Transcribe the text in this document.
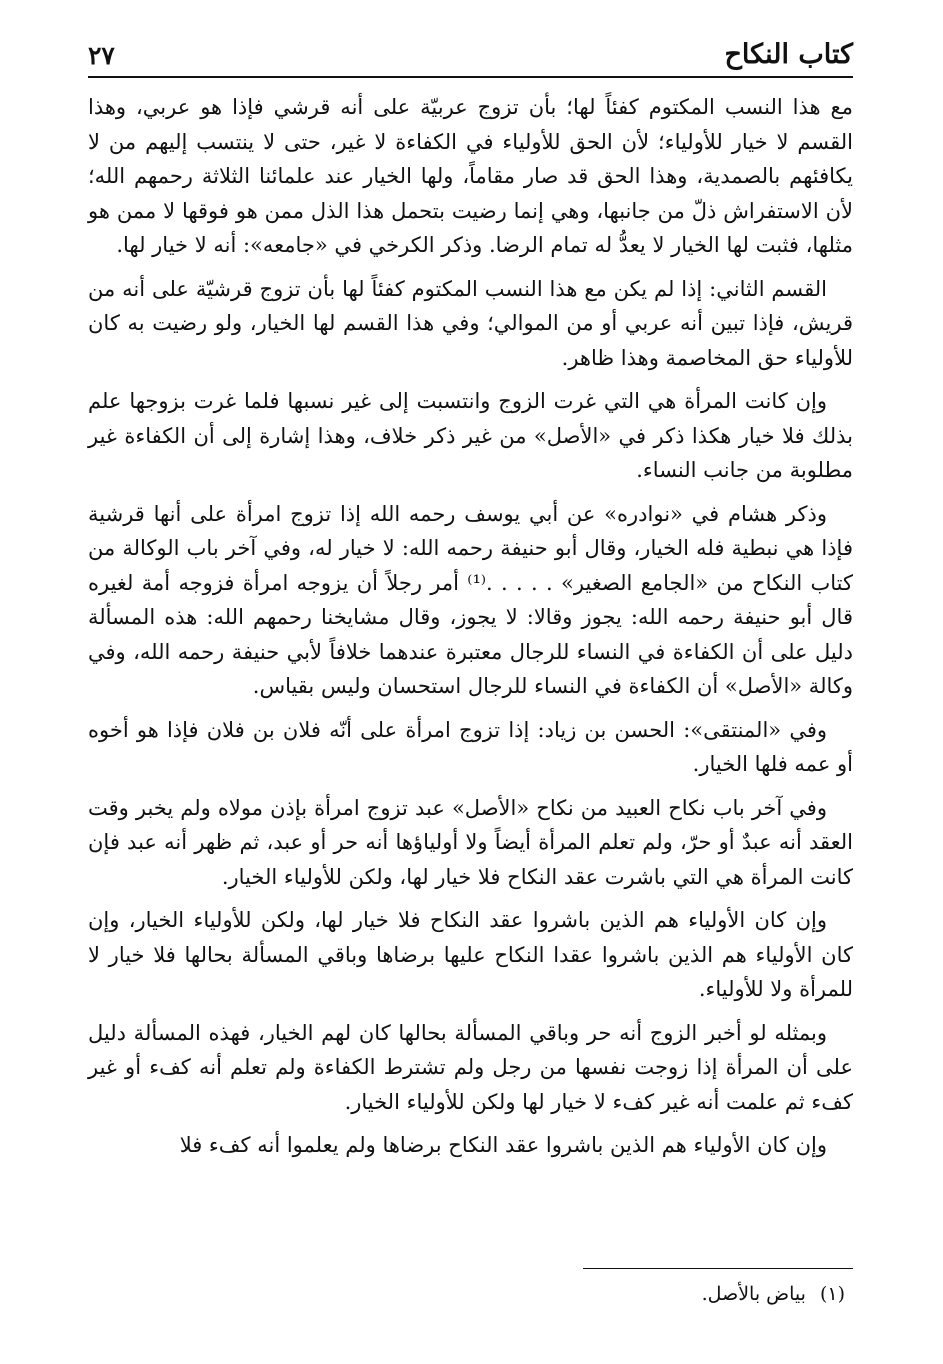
كتاب النكاح
٢٧

مع هذا النسب المكتوم كفئاً لها؛ بأن تزوج عربيّة على أنه قرشي فإذا هو عربي، وهذا القسم لا خيار للأولياء؛ لأن الحق للأولياء في الكفاءة لا غير، حتى لا ينتسب إليهم من لا يكافئهم بالصمدية، وهذا الحق قد صار مقاماً، ولها الخيار عند علمائنا الثلاثة رحمهم الله؛ لأن الاستفراش ذلّ من جانبها، وهي إنما رضيت بتحمل هذا الذل ممن هو فوقها لا ممن هو مثلها، فثبت لها الخيار لا يعدُّ له تمام الرضا. وذكر الكرخي في «جامعه»: أنه لا خيار لها.

القسم الثاني: إذا لم يكن مع هذا النسب المكتوم كفئاً لها بأن تزوج قرشيّة على أنه من قريش، فإذا تبين أنه عربي أو من الموالي؛ وفي هذا القسم لها الخيار، ولو رضيت به كان للأولياء حق المخاصمة وهذا ظاهر.

وإن كانت المرأة هي التي غرت الزوج وانتسبت إلى غير نسبها فلما غرت بزوجها علم بذلك فلا خيار هكذا ذكر في «الأصل» من غير ذكر خلاف، وهذا إشارة إلى أن الكفاءة غير مطلوبة من جانب النساء.

وذكر هشام في «نوادره» عن أبي يوسف رحمه الله إذا تزوج امرأة على أنها قرشية فإذا هي نبطية فله الخيار، وقال أبو حنيفة رحمه الله: لا خيار له، وفي آخر باب الوكالة من كتاب النكاح من «الجامع الصغير» . . . . .⁽¹⁾ أمر رجلاً أن يزوجه امرأة فزوجه أمة لغيره قال أبو حنيفة رحمه الله: يجوز وقالا: لا يجوز، وقال مشايخنا رحمهم الله: هذه المسألة دليل على أن الكفاءة في النساء للرجال معتبرة عندهما خلافاً لأبي حنيفة رحمه الله، وفي وكالة «الأصل» أن الكفاءة في النساء للرجال استحسان وليس بقياس.

وفي «المنتقى»: الحسن بن زياد: إذا تزوج امرأة على أنّه فلان بن فلان فإذا هو أخوه أو عمه فلها الخيار.

وفي آخر باب نكاح العبيد من نكاح «الأصل» عبد تزوج امرأة بإذن مولاه ولم يخبر وقت العقد أنه عبدٌ أو حرّ، ولم تعلم المرأة أيضاً ولا أولياؤها أنه حر أو عبد، ثم ظهر أنه عبد فإن كانت المرأة هي التي باشرت عقد النكاح فلا خيار لها، ولكن للأولياء الخيار.

وإن كان الأولياء هم الذين باشروا عقد النكاح فلا خيار لها، ولكن للأولياء الخيار، وإن كان الأولياء هم الذين باشروا عقدا النكاح عليها برضاها وباقي المسألة بحالها فلا خيار لا للمرأة ولا للأولياء.

وبمثله لو أخبر الزوج أنه حر وباقي المسألة بحالها كان لهم الخيار، فهذه المسألة دليل على أن المرأة إذا زوجت نفسها من رجل ولم تشترط الكفاءة ولم تعلم أنه كفء أو غير كفء ثم علمت أنه غير كفء لا خيار لها ولكن للأولياء الخيار.

وإن كان الأولياء هم الذين باشروا عقد النكاح برضاها ولم يعلموا أنه كفء فلا

(١)
بياض بالأصل.
